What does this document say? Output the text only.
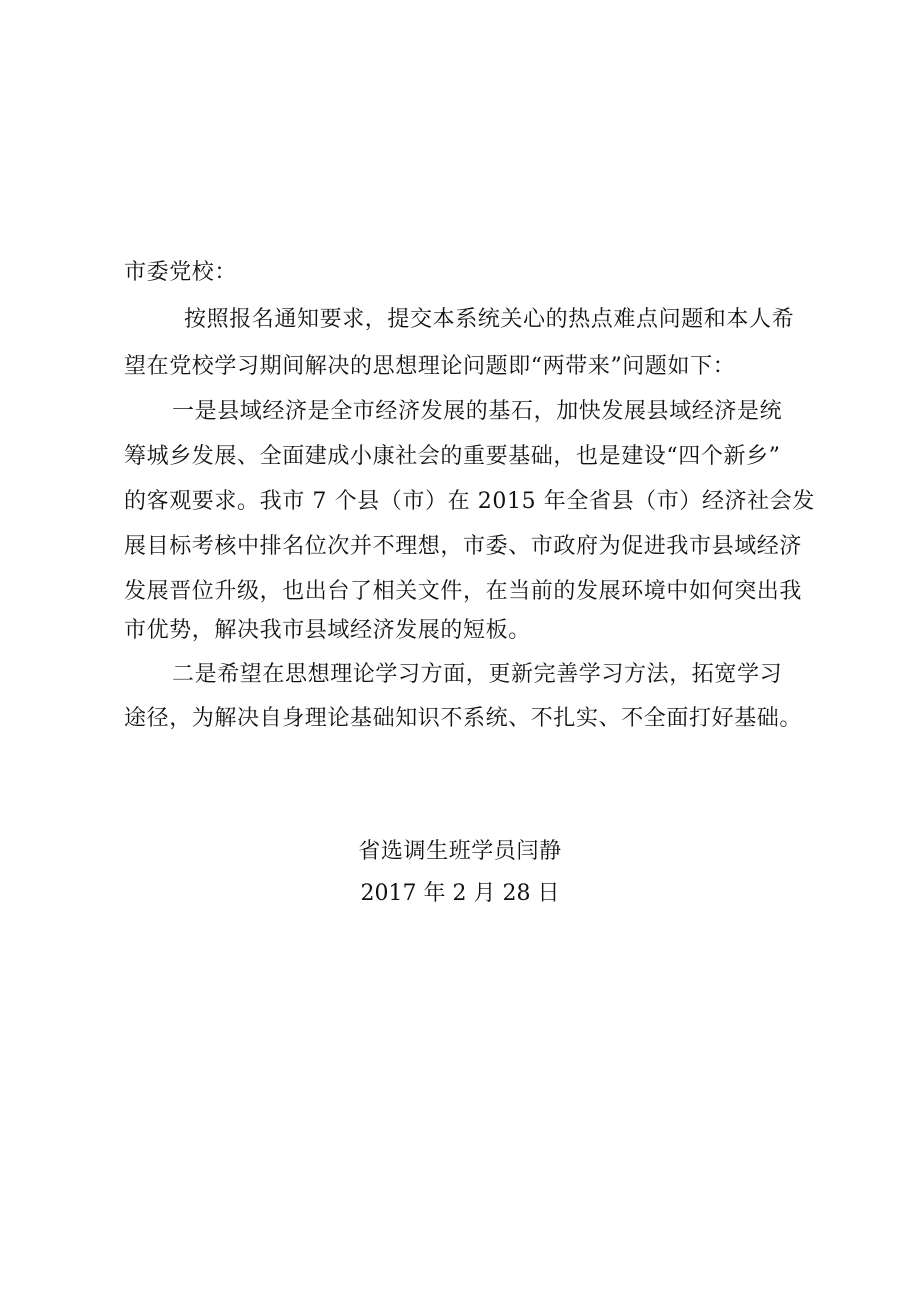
市委党校：
按照报名通知要求，提交本系统关心的热点难点问题和本人希
望在党校学习期间解决的思想理论问题即“两带来”问题如下：
一是县域经济是全市经济发展的基石，加快发展县域经济是统
筹城乡发展、全面建成小康社会的重要基础，也是建设“四个新乡”
的客观要求。我市 7 个县（市）在 2015 年全省县（市）经济社会发
展目标考核中排名位次并不理想，市委、市政府为促进我市县域经济
发展晋位升级，也出台了相关文件，在当前的发展环境中如何突出我
市优势，解决我市县域经济发展的短板。
二是希望在思想理论学习方面，更新完善学习方法，拓宽学习
途径，为解决自身理论基础知识不系统、不扎实、不全面打好基础。
省选调生班学员闫静
2017 年 2 月 28 日
